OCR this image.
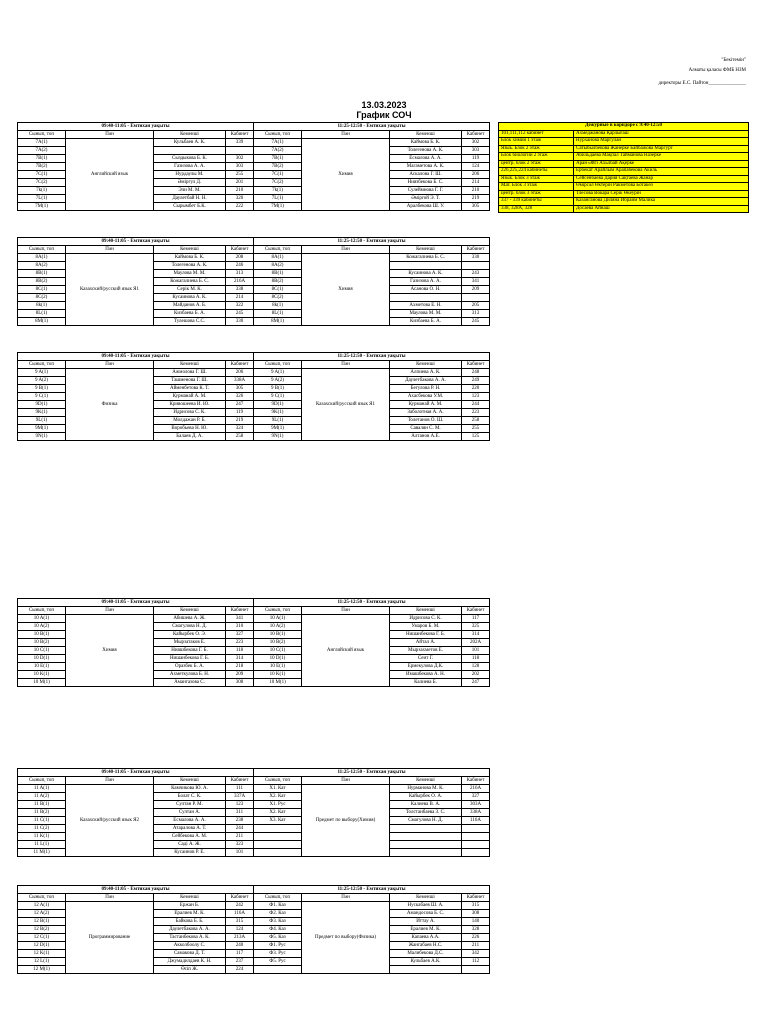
"Бекітемін"
Алматы қаласы ФМБ НЗМ
директоры Е.С. Пайтон_______________
13.03.2023
График СОЧ
Дежурные в коридоре с 9:40-12:50	
101,111,112 кабинет	Ахмеджанова Қарлығаш
Блок химии 1 этаж	Нурханова Маргулан
Языь. Блок 2 этаж	Сатыбылбекова Жанерке Байбажова Маргурт
Блок биологии 2 этаж	Абильдаева Мақпал Тайманова Назерке
центр. блок 2 этаж	Аран Әйгі Ахьлбай Ақерке
226,225,224 кабинеты	Ербекат Арайлым Арапабекова Акиль
Язык. Блок 3 этаж	Сейсенбаева Дария Сақтаева Жанар
Мат. Блок 3 этаж	Өмірсәл Өктерін Ракметова Ботакөз
центр. блок 3 этаж	Тлесова Вокара Серік Өкеурін
337 - 339 кабинеты	Казанганова Диляна Ибраим Малика
338, 328А, 328	Досаева Айнаш
09:40-11:05 - Емтихан уақыты				11:25-12:50 - Емтихан уақыты			
Сынып, топ	Пән	Кеменші	Кабинет	Сынып, топ	Пән	Кеменші	Кабинет
7A(1)	Английский язык	Кульбаев А. К.	339	7A(1)	Химия	Каймова Б. К.	302
7A(2)				7A(2)		Толегенова А. К.	303
7B(1)		Сыздыкова Б. К.	302	7B(1)		Есмалова А. А.	119
7B(2)		Газизова А. А.	303	7B(2)		Магаметова А. К.	124
7C(1)		Нурдаулы М.	255	7C(1)		Аскалова Г. Ш.	206
7C(2)		Әміргул Д.	201	7C(2)		Ниязбекова Б. С.	214
7k(1)		Эли М. М.	210	7k(1)		Сулеймнова Г. Г.	210
7L(1)		Даулетбай Н. Н.	320	7L(1)		Әміргой Э. Т.	219
7M(1)		Сырымбет Б.К.	222	7M(1)		Аралбекова Ш. У.	305
09:40-11:05 - Емтихан уақыты				11:25-12:50 - Емтихан уақыты			
Сынып, топ	Пән	Кеменші	Кабинет	Сынып, топ	Пән	Кеменші	Кабинет
8A(1)	Казахский/русский язык Я1	Каймова Б. К.	208	8A(1)	Химия	Кожагалиева Б. С.	330
8A(2)		Толегенова А. К.	246	8A(2)			
8B(1)		Маулова М. М.	313	8B(1)		Кусаинова А. К.	243
8B(2)		Кожагалиева Б. С.	216A	8B(2)		Газизова А. А.	341
8C(1)		Серік М. К.	338	8C(1)		Асанова О. Н.	209
8C(2)		Кусаинова А. К.	214	8C(2)			
8k(1)		Майданов А. Б.	322	8k(1)		Ахметова Е. Н.	205
8L(1)		Кизбаева Б. А.	245	8L(1)		Маулова М. М.	313
8M(1)		Тулешова С.С.	330	8M(1)		Кизбаева Б. А.	245
09:40-11:05 - Емтихан уақыты				11:25-12:50 - Емтихан уақыты			
Сынып, топ	Пән	Кеменші	Кабинет	Сынып, топ	Пән	Кеменші	Кабинет
9 A(1)	Физика	Ажмолова Г. Ш.	206	9 A(1)	Казахский/русский язык Я1	Алпиева А. К.	248
9 A(2)		Ташменова Г. Ш.	338A	9 A(2)		Даулетбакова А. А.	249
9 B(1)		Айменбетова К. Т.	305	9 B(1)		Бегулова Р. Н.	220
9 C(1)		Курманай А. М.	326	9 C(1)		Ахасбекова У.М.	123
9D(1)		Кривошеева И. Ю.	247	9D(1)		Курманай А. М.	244
9K(1)		Идрисова С. К.	119	9K(1)		Заболотная А. А.	223
9L(1)		Молдажан Р. Б.	219	9L(1)		Толетанов О. Ш.	258
9M(1)		Воробьева Н. Ю.	324	9M(1)		Савалян С. М.	255
9N(1)		Балаев Д. А.	258	9N(1)		Алтанов А.Е.	125
09:40-11:05 - Емтихан уақыты				11:25-12:50 - Емтихан уақыты			
Сынып, топ	Пән	Кеменші	Кабинет	Сынып, топ	Пән	Кеменші	Кабинет
10 A(1)	Химия	Абишева А. Ж.	341	10 A(1)	Английский язык	Идрисова С. К.	117
10 A(2)		Смагулова Н. Д.	310	10 A(2)		Умаров Б. М.	325
10 B(1)		Кайырбек О. Э.	327	10 B(1)		Нишанбекова Г. Б.	314
10 B(2)		Мырзатаков Е.	223	10 B(2)		Айтал А.	202A
10 C(1)		Нияшбекова Г. Б.	118	10 C(1)		Мырзахметов Е.	101
10 D(1)		Нишанбекова Г. Б.	314	10 D(1)		Сеит Г.	118
10 E(1)		Оразбек Б. А.	218	10 E(1)		Ермекулова Д.К.	128
10 K(1)		Ахметкулова Б. Н.	209	10 K(1)		Имашбекова А. Н.	202
10 M(1)		Амангазова С.	308	10 M(1)		Калиева Б.	247
09:40-11:05 - Емтихан уақыты				11:25-12:50 - Емтихан уақыты			
Сынып, топ	Пән	Кеменші	Кабинет	Сынып, топ	Пән	Кеменші	Кабинет
11 A(1)	Казахский/русский язык Я2	Камчикова Ю. А.	111	X1. Кат	Предмет по выбору(Химия)	Нурманова М. К.	216A
11 A(2)		Болат С. К.	337A	X2. Кат		Кайырбек О. А.	327
11 B(1)		Султан Р. М.	123	X1. Рус		Калиева В. А.	303A
11 B(2)		Султан А.	311	X2. Кат		Толстанбаева З. С.	338A
11 C(1)		Есмалова А. А.	238	X3. Кат		Смагулова Н. Д.	116A
11 C(2)		Атаралова А. Т.	244				
11 K(1)		Сейбекова А. М.	211				
11 L(1)		Саді А. Ж.	323				
11 M(1)		Кусаинов Р. Е.	101				
09:40-11:05 - Емтихан уақыты				11:25-12:50 - Емтихан уақыты			
Сынып, топ	Пән	Кеменші	Кабинет	Сынып, топ	Пән	Кеменші	Кабинет
12 A(1)	Программирование	Ержан Б.	242	Ф1. Каз	Предмет по выбору(Физика)	Нускабаев Ш. А.	315
12 A(2)		Ералиев М. К.	116A	Ф2. Каз		Амандосова Б. С.	308
12 B(1)		Байкова Б. Б.	315	Ф3. Каз		Иттау А.	140
12 B(2)		Даулетбакова А. А.	124	Ф4. Каз		Ералиев М. К.	328
12 C(1)		Тастанбекова А. К.	213A	Ф5. Каз		Капаева А.А.	226
12 D(1)		Акколбоолу С.	240	Ф1. Рус		Жангабаев Н.С.	211
12 K(1)		Самакова Д. Т.	117	Ф3. Рус		Малибекова Д.С.	342
12 L(1)		Джумадилдаев К. Н.	237	Ф5. Рус		Кульбаев А.К.	112
12 M(1)		Өсіп Ж.	224				
